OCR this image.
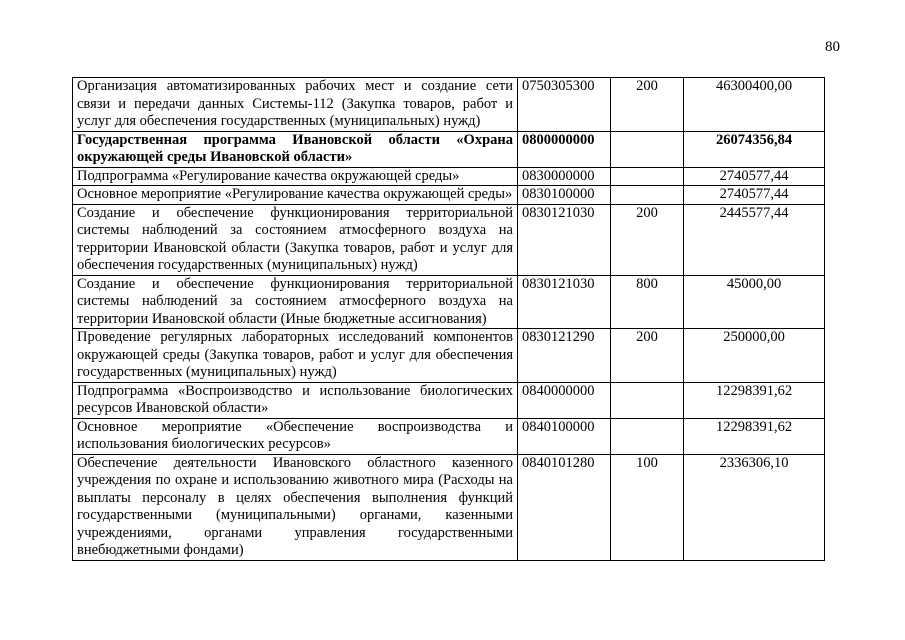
80
Организация автоматизированных рабочих мест и создание сети связи и передачи данных Системы-112 (Закупка товаров, работ и услуг для обеспечения государственных (муниципальных) нужд)	0750305300	200	46300400,00
Государственная программа Ивановской области «Охрана окружающей среды Ивановской области»	0800000000		26074356,84
Подпрограмма «Регулирование качества окружающей среды»	0830000000		2740577,44
Основное мероприятие «Регулирование качества окружающей среды»	0830100000		2740577,44
Создание и обеспечение функционирования территориальной системы наблюдений за состоянием атмосферного воздуха на территории Ивановской области (Закупка товаров, работ и услуг для обеспечения государственных (муниципальных) нужд)	0830121030	200	2445577,44
Создание и обеспечение функционирования территориальной системы наблюдений за состоянием атмосферного воздуха на территории Ивановской области (Иные бюджетные ассигнования)	0830121030	800	45000,00
Проведение регулярных лабораторных исследований компонентов окружающей среды (Закупка товаров, работ и услуг для обеспечения государственных (муниципальных) нужд)	0830121290	200	250000,00
Подпрограмма «Воспроизводство и использование биологических ресурсов Ивановской области»	0840000000		12298391,62
Основное мероприятие «Обеспечение воспроизводства и использования биологических ресурсов»	0840100000		12298391,62
Обеспечение деятельности Ивановского областного казенного учреждения по охране и использованию животного мира (Расходы на выплаты персоналу в целях обеспечения выполнения функций государственными (муниципальными) органами, казенными учреждениями, органами управления государственными внебюджетными фондами)	0840101280	100	2336306,10
